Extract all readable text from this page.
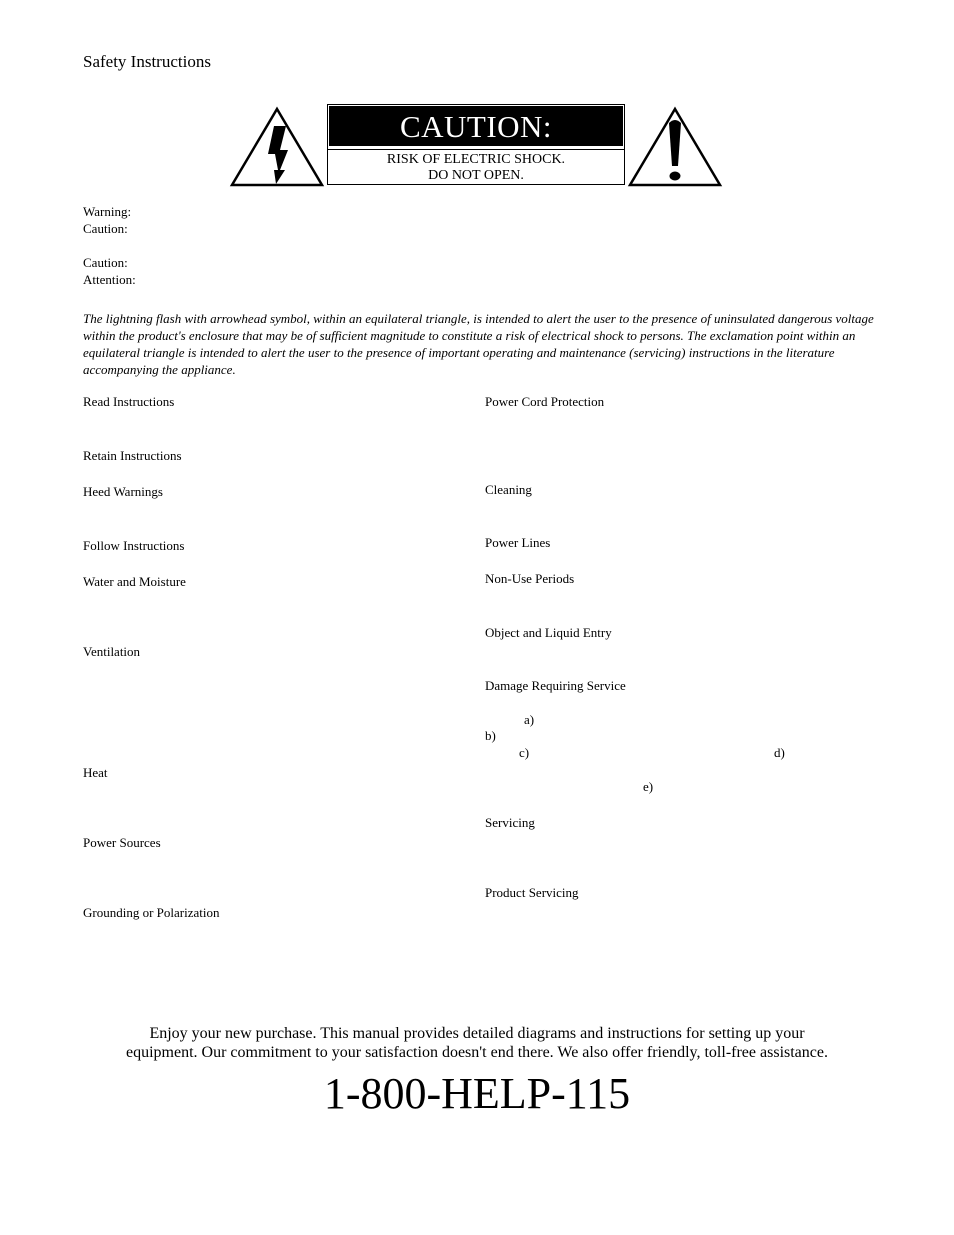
Safety Instructions
CAUTION:
RISK OF ELECTRIC SHOCK.
DO NOT OPEN.
Warning:
Caution:
Caution:
Attention:
The lightning flash with arrowhead symbol, within an equilateral triangle, is intended to alert the user to the presence of uninsulated dangerous voltage within the product's enclosure that may be of sufficient magnitude to constitute a risk of electrical shock to persons. The exclamation point within an equilateral triangle is intended to alert the user to the presence of important operating and maintenance (servicing) instructions in the literature accompanying the appliance.
Read Instructions
Retain Instructions
Heed Warnings
Follow Instructions
Water and Moisture
Ventilation
Heat
Power Sources
Grounding or Polarization
Power Cord Protection
Cleaning
Power Lines
Non-Use Periods
Object and Liquid Entry
Damage Requiring Service
a)
b)
c)	d)
e)
Servicing
Product Servicing
Enjoy your new purchase. This manual provides detailed diagrams and instructions for setting up your
equipment. Our commitment to your satisfaction doesn't end there. We also offer friendly, toll-free assistance.
1-800-HELP-115
